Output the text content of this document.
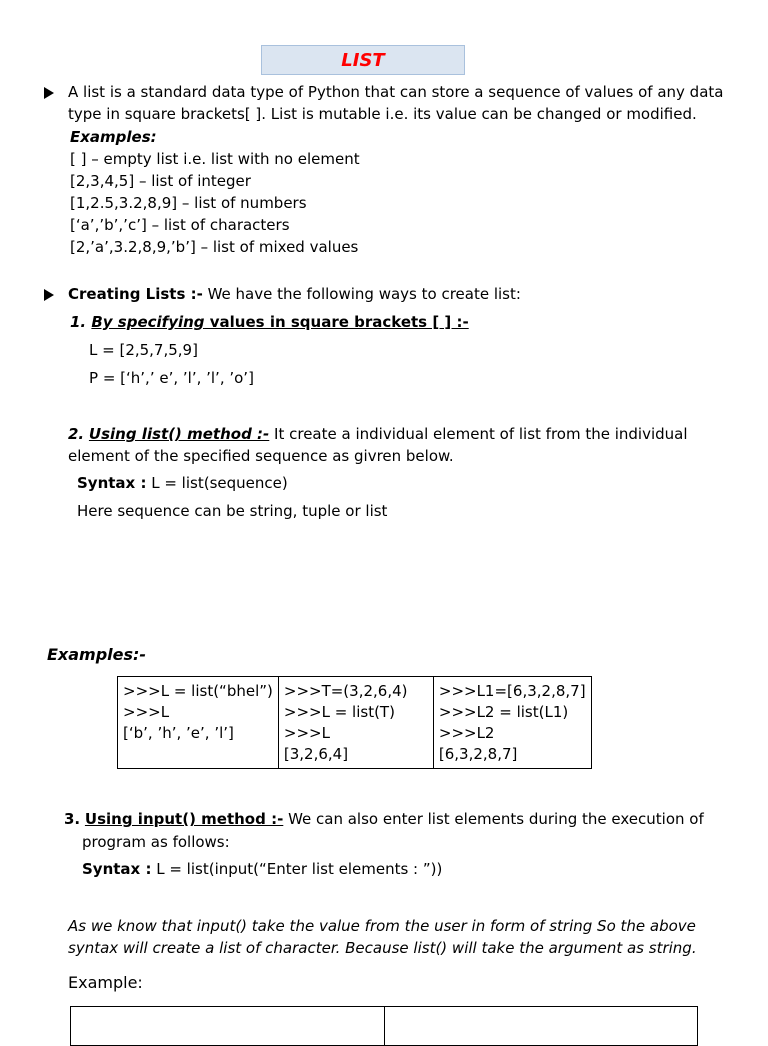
LIST
A list is a standard data type of Python that can store a sequence of values of any data
type in square brackets[ ]. List is mutable i.e. its value can be changed or modified.
Examples:
[ ] – empty list i.e. list with no element
[2,3,4,5] – list of integer
[1,2.5,3.2,8,9] – list of numbers
[‘a’,’b’,’c’] – list of characters
[2,’a’,3.2,8,9,’b’] – list of mixed values
Creating Lists :- We have the following ways to create list:
1. By specifying values in square brackets [ ] :-
L = [2,5,7,5,9]
P = [‘h’,’ e’, ’l’, ’l’, ’o’]
2. Using list() method :- It create a individual element of list from the individual
element of the specified sequence as givren below.
Syntax : L = list(sequence)
Here sequence can be string, tuple or list
Examples:-
>>>L = list(“bhel”)
>>>L
[‘b’, ’h’, ’e’, ’l’]

>>>T=(3,2,6,4)
>>>L = list(T)
>>>L
[3,2,6,4]

>>>L1=[6,3,2,8,7]
>>>L2 = list(L1)
>>>L2
[6,3,2,8,7]
3. Using input() method :- We can also enter list elements during the execution of
program as follows:
Syntax : L = list(input(“Enter list elements : ”))
As we know that input() take the value from the user in form of string So the above
syntax will create a list of character. Because list() will take the argument as string.
Example:
